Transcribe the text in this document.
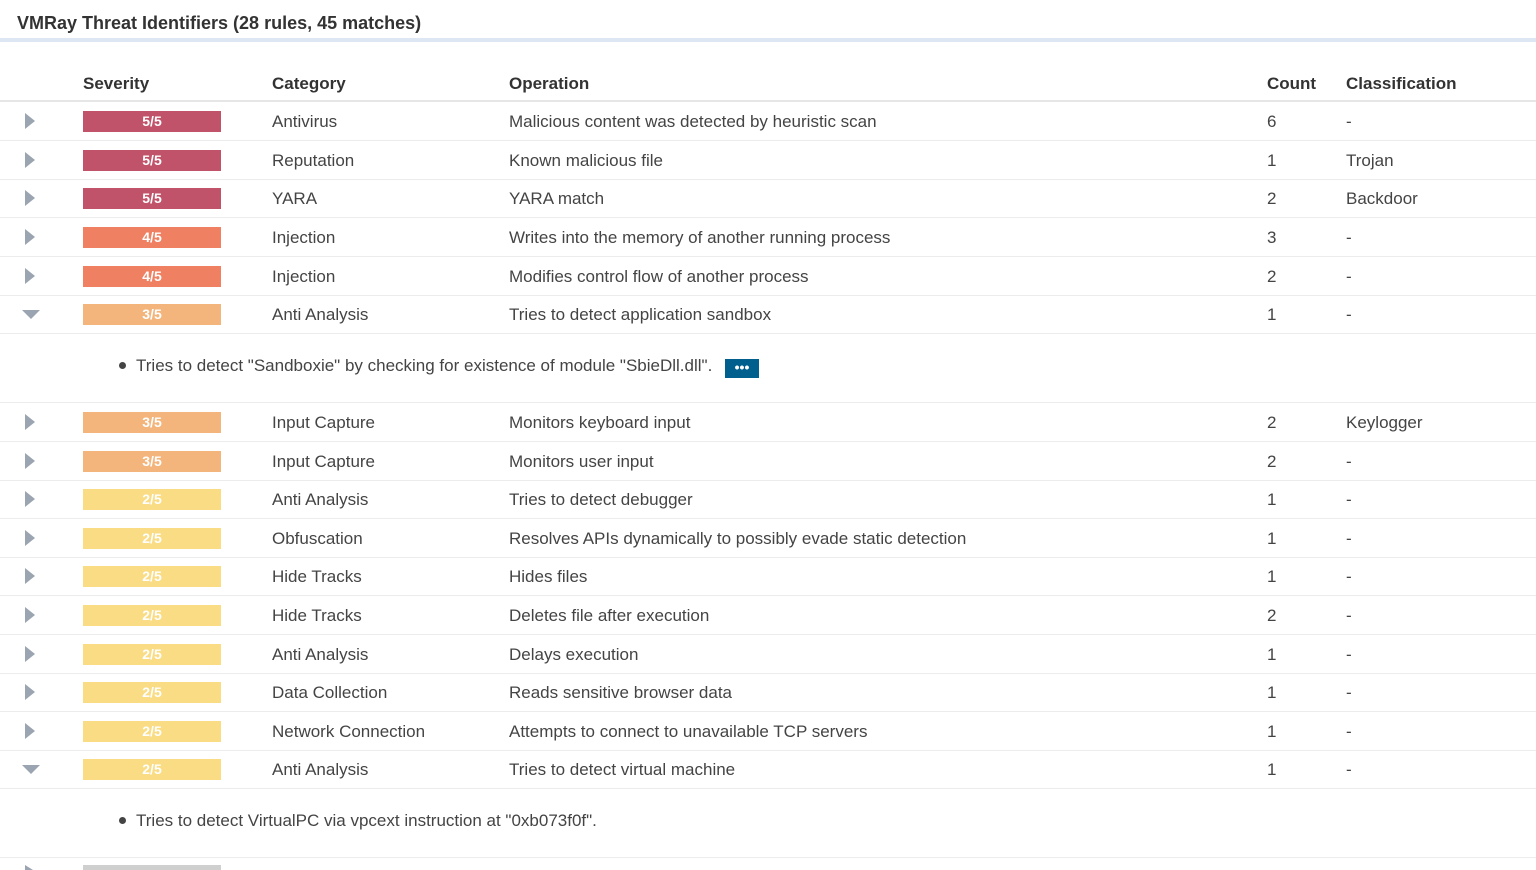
VMRay Threat Identifiers (28 rules, 45 matches)
Severity	Category	Operation	Count Classification
5/5	Antivirus	Malicious content was detected by heuristic scan	6	-
5/5	Reputation	Known malicious file	1	Trojan
5/5	YARA	YARA match	2	Backdoor
4/5	Injection	Writes into the memory of another running process	3	-
4/5	Injection	Modifies control flow of another process	2	-
3/5	Anti Analysis	Tries to detect application sandbox	1	-
Tries to detect "Sandboxie" by checking for existence of module "SbieDll.dll".	•••
3/5	Input Capture	Monitors keyboard input	2	Keylogger
3/5	Input Capture	Monitors user input	2	-
2/5	Anti Analysis	Tries to detect debugger	1	-
2/5	Obfuscation	Resolves APIs dynamically to possibly evade static detection	1	-
2/5	Hide Tracks	Hides files	1	-
2/5	Hide Tracks	Deletes file after execution	2	-
2/5	Anti Analysis	Delays execution	1	-
2/5	Data Collection	Reads sensitive browser data	1	-
2/5	Network Connection	Attempts to connect to unavailable TCP servers	1	-
2/5	Anti Analysis	Tries to detect virtual machine	1	-
Tries to detect VirtualPC via vpcext instruction at "0xb073f0f".
